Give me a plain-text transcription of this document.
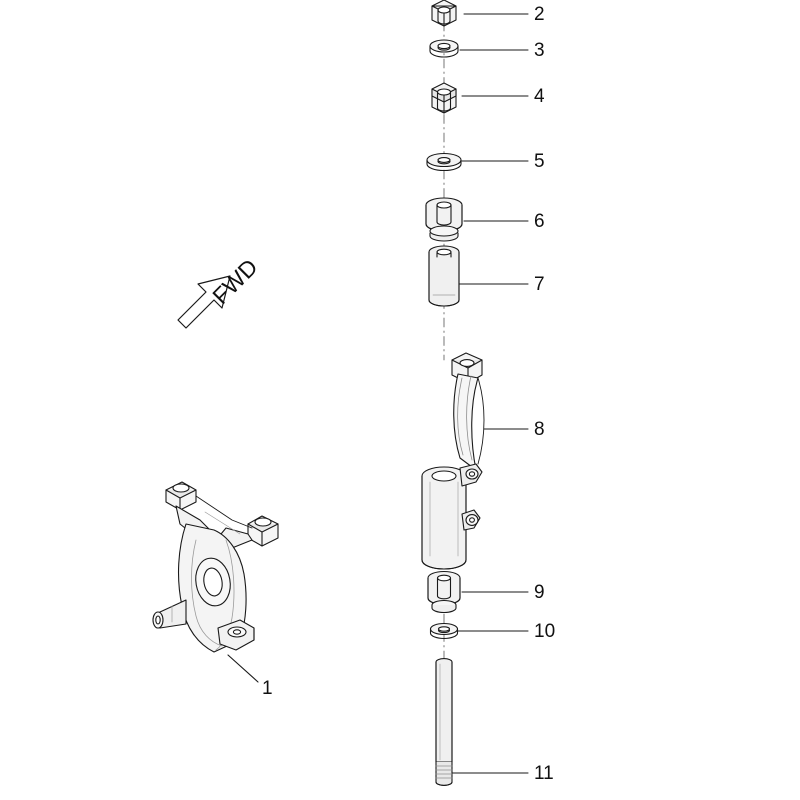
FWD
1
2
3
4
5
6
7
8
9
10
11
